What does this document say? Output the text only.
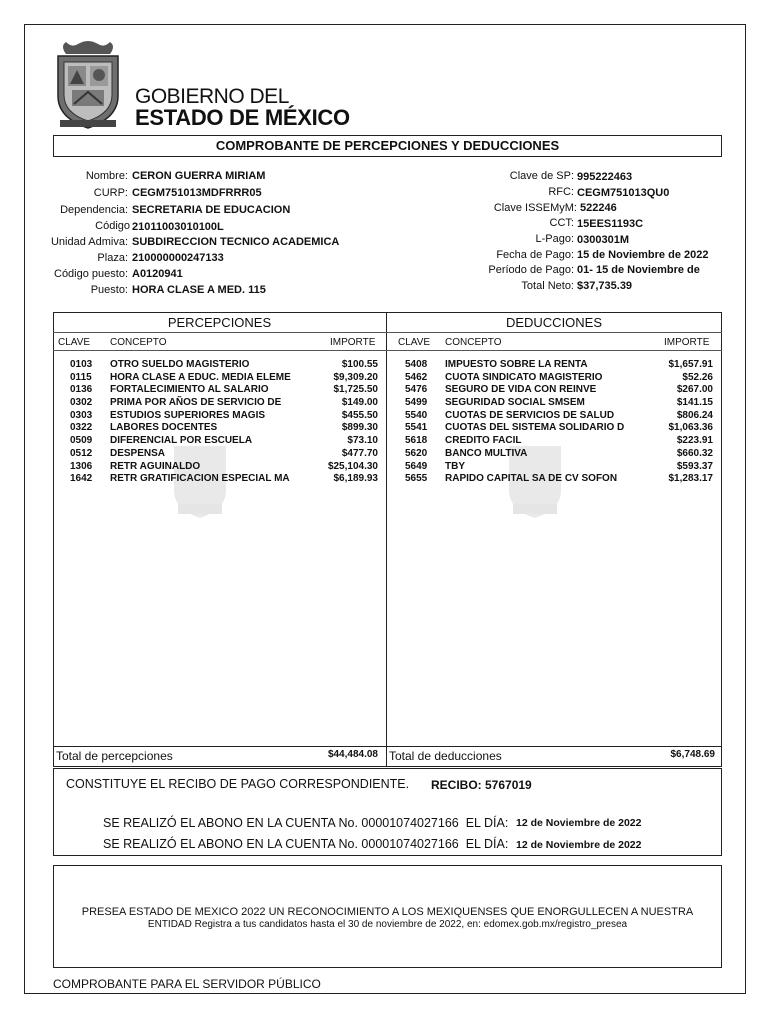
GOBIERNO DEL
ESTADO DE MÉXICO
COMPROBANTE DE PERCEPCIONES Y DEDUCCIONES
Nombre: CERON GUERRA MIRIAM
CURP: CEGM751013MDFRRR05
Dependencia: SECRETARIA DE EDUCACION
Código 21011003010100L
Unidad Admiva: SUBDIRECCION TECNICO ACADEMICA
Plaza: 210000000247133
Código puesto: A0120941
Puesto: HORA CLASE A MED. 115
Clave de SP: 995222463
RFC: CEGM751013QU0
Clave ISSEMyM: 522246
CCT: 15EES1193C
L-Pago: 0300301M
Fecha de Pago: 15 de Noviembre de 2022
Período de Pago: 01- 15 de Noviembre de
Total Neto: $37,735.39
PERCEPCIONES
CLAVE CONCEPTO	IMPORTE
DEDUCCIONES
CLAVE CONCEPTO	IMPORTE
0103	OTRO SUELDO MAGISTERIO	$100.55
0115	HORA CLASE A EDUC. MEDIA ELEME	$9,309.20
0136	FORTALECIMIENTO AL SALARIO	$1,725.50
0302	PRIMA POR AÑOS DE SERVICIO DE	$149.00
0303	ESTUDIOS SUPERIORES MAGIS	$455.50
0322	LABORES DOCENTES	$899.30
0509	DIFERENCIAL POR ESCUELA	$73.10
0512	DESPENSA	$477.70
1306	RETR AGUINALDO	$25,104.30
1642	RETR GRATIFICACION ESPECIAL MA	$6,189.93
5408	IMPUESTO SOBRE LA RENTA	$1,657.91
5462	CUOTA SINDICATO MAGISTERIO	$52.26
5476	SEGURO DE VIDA CON REINVE	$267.00
5499	SEGURIDAD SOCIAL SMSEM	$141.15
5540	CUOTAS DE SERVICIOS DE SALUD	$806.24
5541	CUOTAS DEL SISTEMA SOLIDARIO D	$1,063.36
5618	CREDITO FACIL	$223.91
5620	BANCO MULTIVA	$660.32
5649	TBY	$593.37
5655	RAPIDO CAPITAL SA DE CV SOFON	$1,283.17
Total de percepciones	$44,484.08 Total de deducciones	$6,748.69
CONSTITUYE EL RECIBO DE PAGO CORRESPONDIENTE. RECIBO: 5767019
SE REALIZÓ EL ABONO EN LA CUENTA No. 00001074027166  EL DÍA: 12 de Noviembre de 2022
SE REALIZÓ EL ABONO EN LA CUENTA No. 00001074027166  EL DÍA: 12 de Noviembre de 2022
PRESEA ESTADO DE MEXICO 2022 UN RECONOCIMIENTO A LOS MEXIQUENSES QUE ENORGULLECEN A NUESTRA
ENTIDAD Registra a tus candidatos hasta el 30 de noviembre de 2022, en: edomex.gob.mx/registro_presea
COMPROBANTE PARA EL SERVIDOR PÚBLICO
